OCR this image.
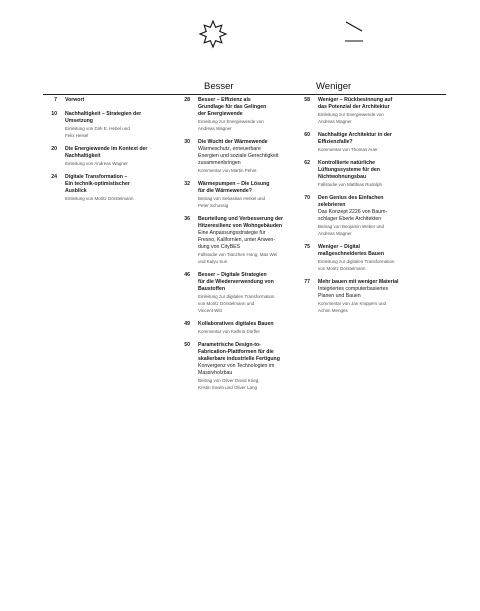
Besser	Weniger
7 Vorwort
10 Nachhaltigkeit – Strategien der
Umsetzung
Einleitung von Dirk E. Hebel und
Felix Heisel
20 Die Energiewende im Kontext der
Nachhaltigkeit
Einleitung von Andreas Wagner
24 Digitale Transformation –
Ein technik-optimistischer
Ausblick
Einleitung von Moritz Dörstelmann
28 Besser – Effizienz als
Grundlage für das Gelingen
der Energiewende
Einleitung zur Energiewende von
Andreas Wagner
30 Die Wucht der Wärmewende
Wärmeschutz, erneuerbare
Energien und soziale Gerechtigkeit
zusammenbringen
Kommentar von Martin Pehnt
32 Wärmepumpen – Die Lösung
für die Wärmewende?
Beitrag von Sebastian Herkel und
Peter Schossig
36 Beurteilung und Verbesserung der
Hitzeresilienz von Wohngebäuden
Eine Anpassungsstrategie für
Fresno, Kalifornien, unter Anwen-
dung von CityBES
Fallstudie von Tianzhen Hong, Max Wei
und Kaiyu Sun
46 Besser – Digitale Strategien
für die Wiederverwendung von
Baustoffen
Einleitung zur digitalen Transformation
von Moritz Dörstelmann und
Vincent Witt
49 Kollaboratives digitales Bauen
Kommentar von Kathrin Dörfler
50 Parametrische Design-to-
Fabrication-Plattformen für die
skalierbare industrielle Fertigung
Konvergenz von Technologien im
Massivholzbau
Beitrag von Oliver David Krieg,
Kristin Sowin und Oliver Lang
58 Weniger – Rückbesinnung auf
das Potenzial der Architektur
Einleitung zur Energiewende von
Andreas Wagner
60 Nachhaltige Architektur in der
Effizienzfalle?
Kommentar von Thomas Auer
62 Kontrollierte natürliche
Lüftungssysteme für den
Nichtwohnungsbau
Fallstudie von Matthias Rudolph
70 Den Genius des Einfachen
zelebrieren
Das Konzept 2226 von Baum-
schlager Eberle Architekten
Beitrag von Benjamin Weber und
Andreas Wagner
75 Weniger – Digital
maßgeschneidertes Bauen
Einleitung zur digitalen Transformation
von Moritz Dörstelmann
77 Mehr bauen mit weniger Material
Integriertes computerbasiertes
Planen und Bauen
Kommentar von Jan Knippers und
Achim Menges
